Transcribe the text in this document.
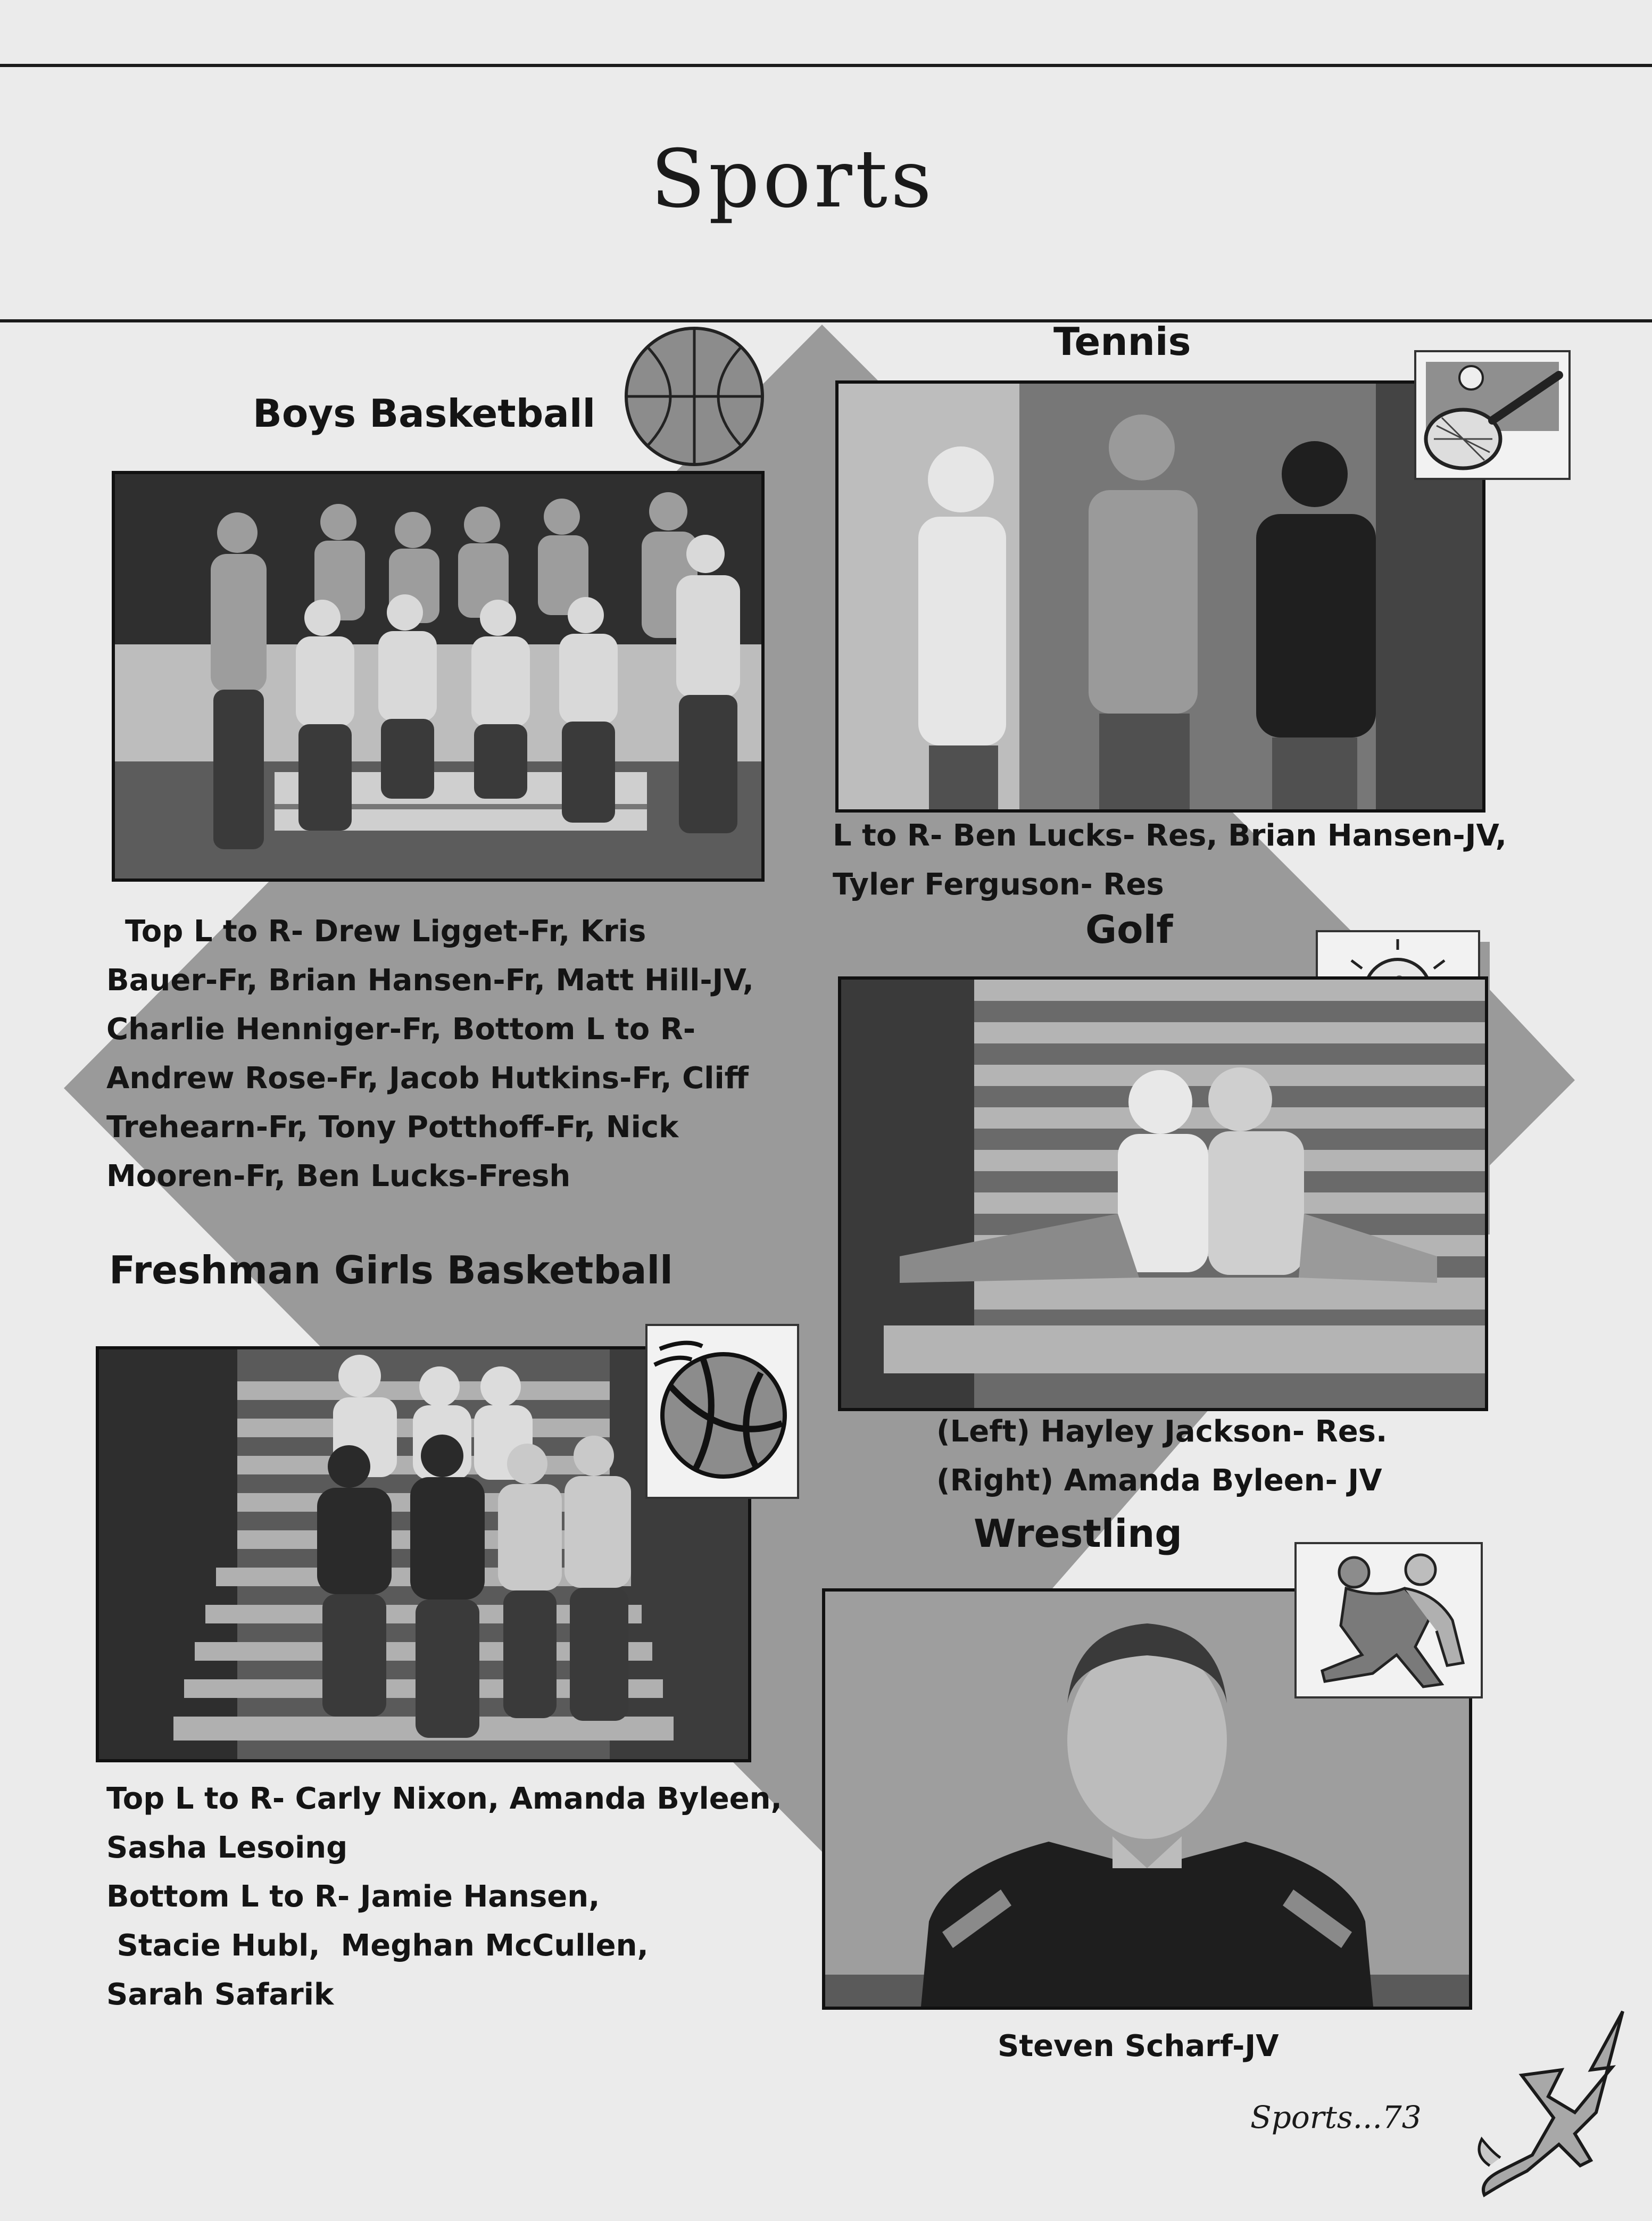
Sports
Boys Basketball
Top L to R- Drew Ligget-Fr, Kris
Bauer-Fr, Brian Hansen-Fr, Matt Hill-JV,
Charlie Henniger-Fr, Bottom L to R-
Andrew Rose-Fr, Jacob Hutkins-Fr, Cliff
Trehearn-Fr, Tony Potthoff-Fr, Nick
Mooren-Fr, Ben Lucks-Fresh
Tennis
L to R- Ben Lucks- Res, Brian Hansen-JV,
Tyler Ferguson- Res
Golf
(Left) Hayley Jackson- Res.
(Right) Amanda Byleen- JV
Freshman Girls Basketball
Top L to R- Carly Nixon, Amanda Byleen,
Sasha Lesoing
Bottom L to R- Jamie Hansen,
Stacie Hubl,  Meghan McCullen,
Sarah Safarik
Wrestling
Steven Scharf-JV
Sports...73
